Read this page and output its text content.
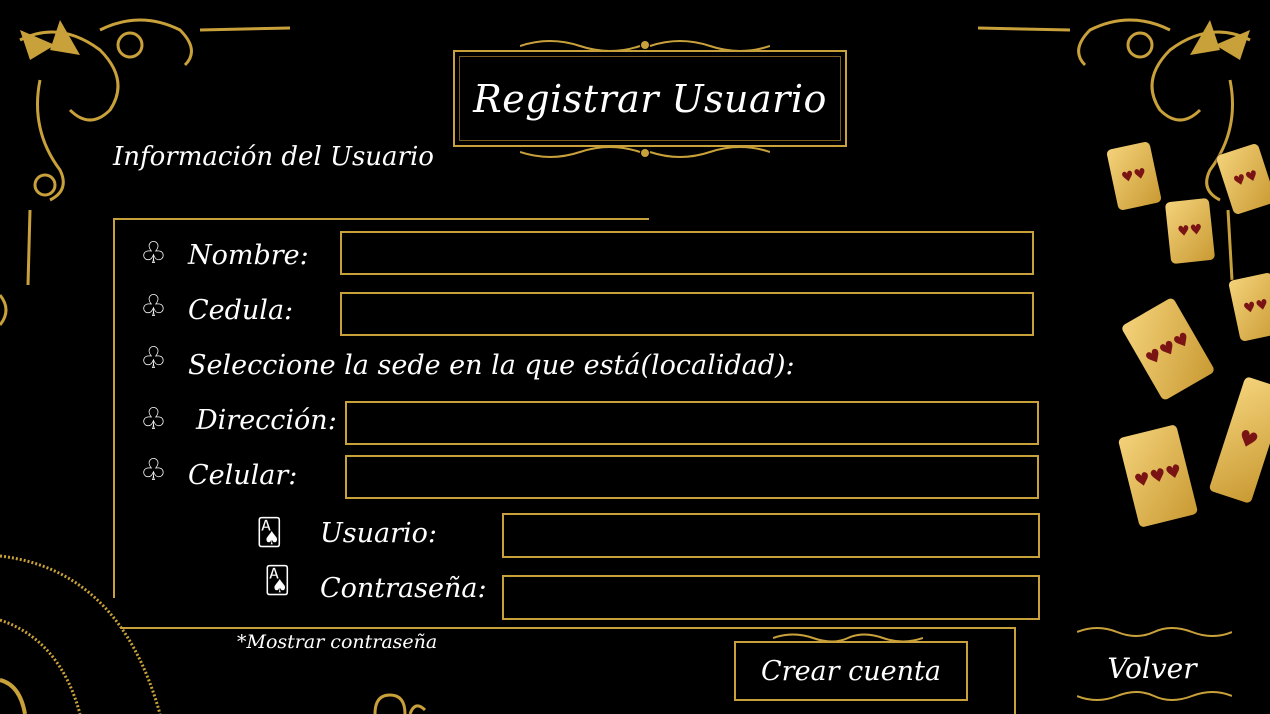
Registrar Usuario
Información del Usuario
♧ Nombre:
♧ Cedula:
♧ Seleccione la sede en la que está(localidad):
♧ Dirección:
♧ Celular:
🂡 Usuario:
🂡 Contraseña:
*Mostrar contraseña
Crear cuenta	Volver
♥♥	♥♥
♥♥
♥♥
♥♥♥
♥♥♥
♥
